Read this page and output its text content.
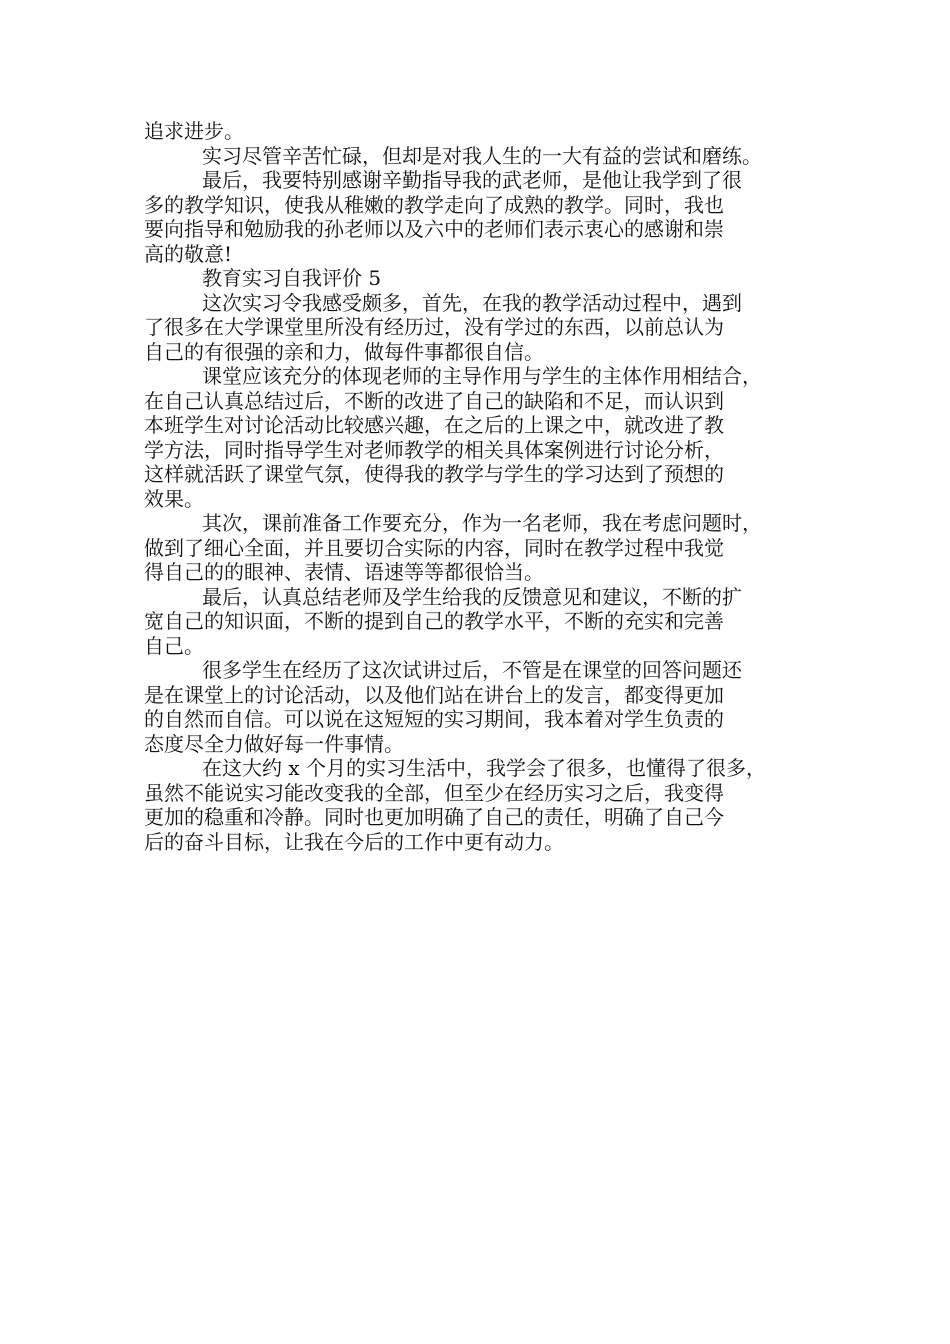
追求进步。
实习尽管辛苦忙碌，但却是对我人生的一大有益的尝试和磨练。
最后，我要特别感谢辛勤指导我的武老师，是他让我学到了很
多的教学知识，使我从稚嫩的教学走向了成熟的教学。同时，我也
要向指导和勉励我的孙老师以及六中的老师们表示衷心的感谢和崇
高的敬意!
教育实习自我评价 5
这次实习令我感受颇多，首先，在我的教学活动过程中，遇到
了很多在大学课堂里所没有经历过，没有学过的东西，以前总认为
自己的有很强的亲和力，做每件事都很自信。
课堂应该充分的体现老师的主导作用与学生的主体作用相结合，
在自己认真总结过后，不断的改进了自己的缺陷和不足，而认识到
本班学生对讨论活动比较感兴趣，在之后的上课之中，就改进了教
学方法，同时指导学生对老师教学的相关具体案例进行讨论分析，
这样就活跃了课堂气氛，使得我的教学与学生的学习达到了预想的
效果。
其次，课前准备工作要充分，作为一名老师，我在考虑问题时，
做到了细心全面，并且要切合实际的内容，同时在教学过程中我觉
得自己的的眼神、表情、语速等等都很恰当。
最后，认真总结老师及学生给我的反馈意见和建议，不断的扩
宽自己的知识面，不断的提到自己的教学水平，不断的充实和完善
自己。
很多学生在经历了这次试讲过后，不管是在课堂的回答问题还
是在课堂上的讨论活动，以及他们站在讲台上的发言，都变得更加
的自然而自信。可以说在这短短的实习期间，我本着对学生负责的
态度尽全力做好每一件事情。
在这大约 x 个月的实习生活中，我学会了很多，也懂得了很多，
虽然不能说实习能改变我的全部，但至少在经历实习之后，我变得
更加的稳重和冷静。同时也更加明确了自己的责任，明确了自己今
后的奋斗目标，让我在今后的工作中更有动力。
